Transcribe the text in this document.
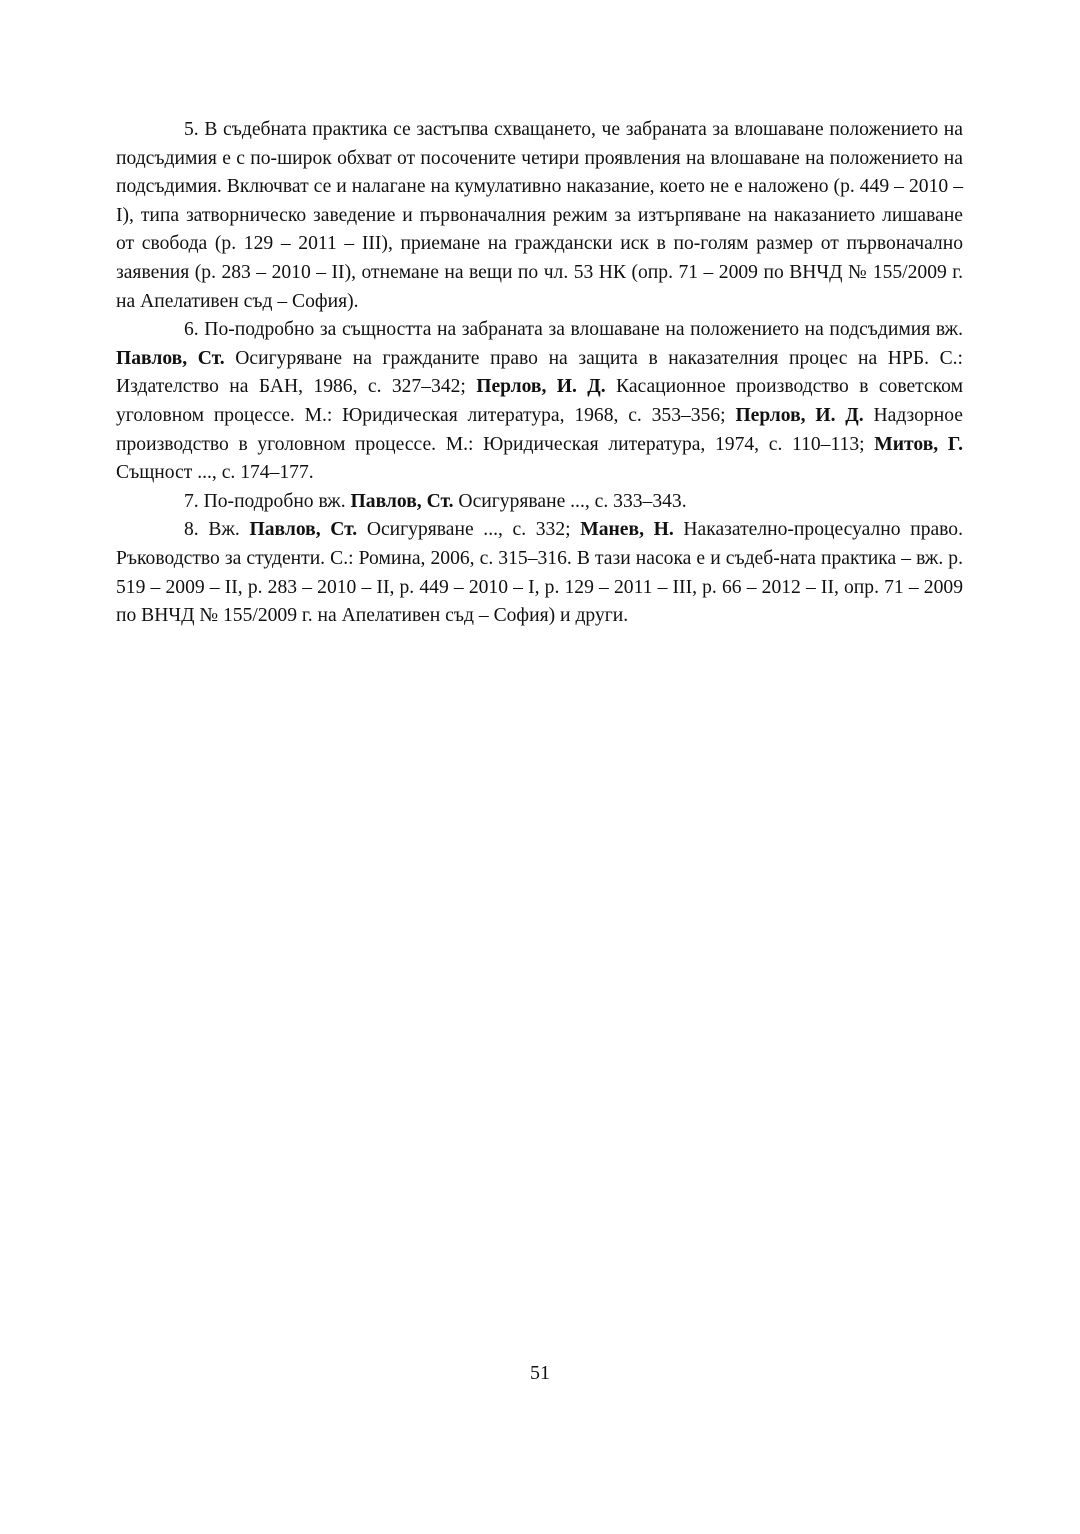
5. В съдебната практика се застъпва схващането, че забраната за влошаване положението на подсъдимия е с по-широк обхват от посочените четири проявления на влошаване на положението на подсъдимия. Включват се и налагане на кумулативно наказание, което не е наложено (р. 449 – 2010 – I), типа затворническо заведение и първоначалния режим за изтърпяване на наказанието лишаване от свобода (р. 129 – 2011 – III), приемане на граждански иск в по-голям размер от първоначално заявения (р. 283 – 2010 – II), отнемане на вещи по чл. 53 НК (опр. 71 – 2009 по ВНЧД № 155/2009 г. на Апелативен съд – София).

6. По-подробно за същността на забраната за влошаване на положението на подсъдимия вж. Павлов, Ст. Осигуряване на гражданите право на защита в наказателния процес на НРБ. С.: Издателство на БАН, 1986, с. 327–342; Перлов, И. Д. Касационное производство в советском уголовном процессе. М.: Юридическая литература, 1968, с. 353–356; Перлов, И. Д. Надзорное производство в уголовном процессе. М.: Юридическая литература, 1974, с. 110–113; Митов, Г. Същност ..., с. 174–177.

7. По-подробно вж. Павлов, Ст. Осигуряване ..., с. 333–343.

8. Вж. Павлов, Ст. Осигуряване ..., с. 332; Манев, Н. Наказателно-процесуално право. Ръководство за студенти. С.: Ромина, 2006, с. 315–316. В тази насока е и съдеб-ната практика – вж. р. 519 – 2009 – II, р. 283 – 2010 – II, р. 449 – 2010 – I, р. 129 – 2011 – III, р. 66 – 2012 – II, опр. 71 – 2009 по ВНЧД № 155/2009 г. на Апелативен съд – София) и други.

51
